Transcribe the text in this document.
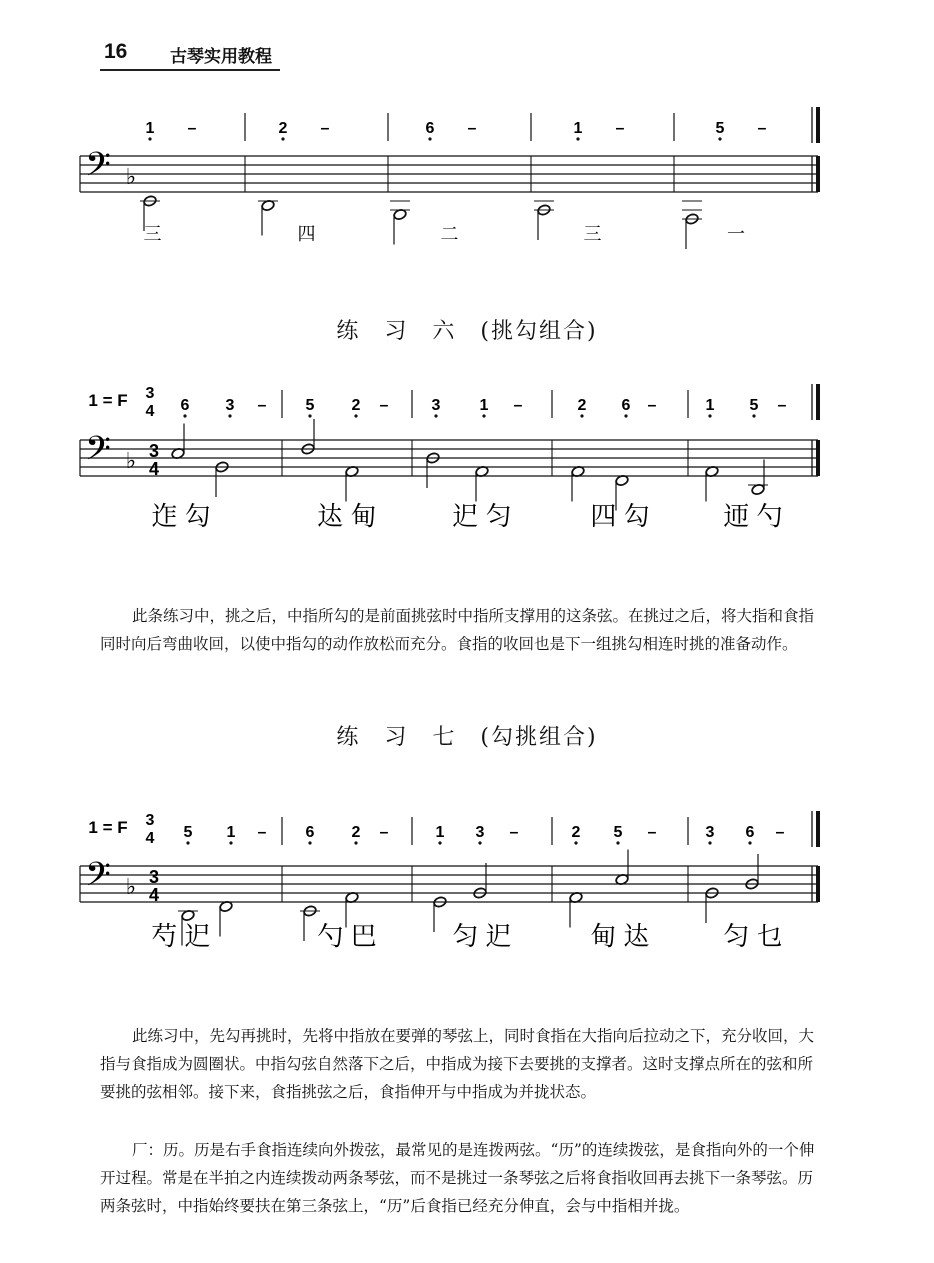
16	古琴实用教程
练　习　六　(挑勾组合)
练　习　七　(勾挑组合)

此条练习中，挑之后，中指所勾的是前面挑弦时中指所支撑用的这条弦。在挑过之后，将大指和食指同时向后弯曲收回，以使中指勾的动作放松而充分。食指的收回也是下一组挑勾相连时挑的准备动作。

此练习中，先勾再挑时，先将中指放在要弹的琴弦上，同时食指在大指向后拉动之下，充分收回，大指与食指成为圆圈状。中指勾弦自然落下之后，中指成为接下去要挑的支撑者。这时支撑点所在的弦和所要挑的弦相邻。接下来，食指挑弦之后，食指伸开与中指成为并拢状态。

厂：历。历是右手食指连续向外拨弦，最常见的是连拨两弦。“历”的连续拨弦，是食指向外的一个伸开过程。常是在半拍之内连续拨动两条琴弦，而不是挑过一条琴弦之后将食指收回再去挑下一条琴弦。历两条弦时，中指始终要扶在第三条弦上，“历”后食指已经充分伸直，会与中指相并拢。

𝄢 ♭
1 –	2 –	6 –	1 –	5 –
三	四	二	三	一
𝄢 ♭
1 = F 3
4
3
4
6 3 – 5 2 –	3 1 –	2 6 –	1 5 –
迮 勾	迏 甸	迉 匀	四 勾	迊 勺
𝄢 ♭
1 = F 3
4
3
4
5 1 – 6 2 –	1 3 –	2 5 –	3 6 –
芍 迉	勺 巴	匀 迉	甸 迏	匀 乜
